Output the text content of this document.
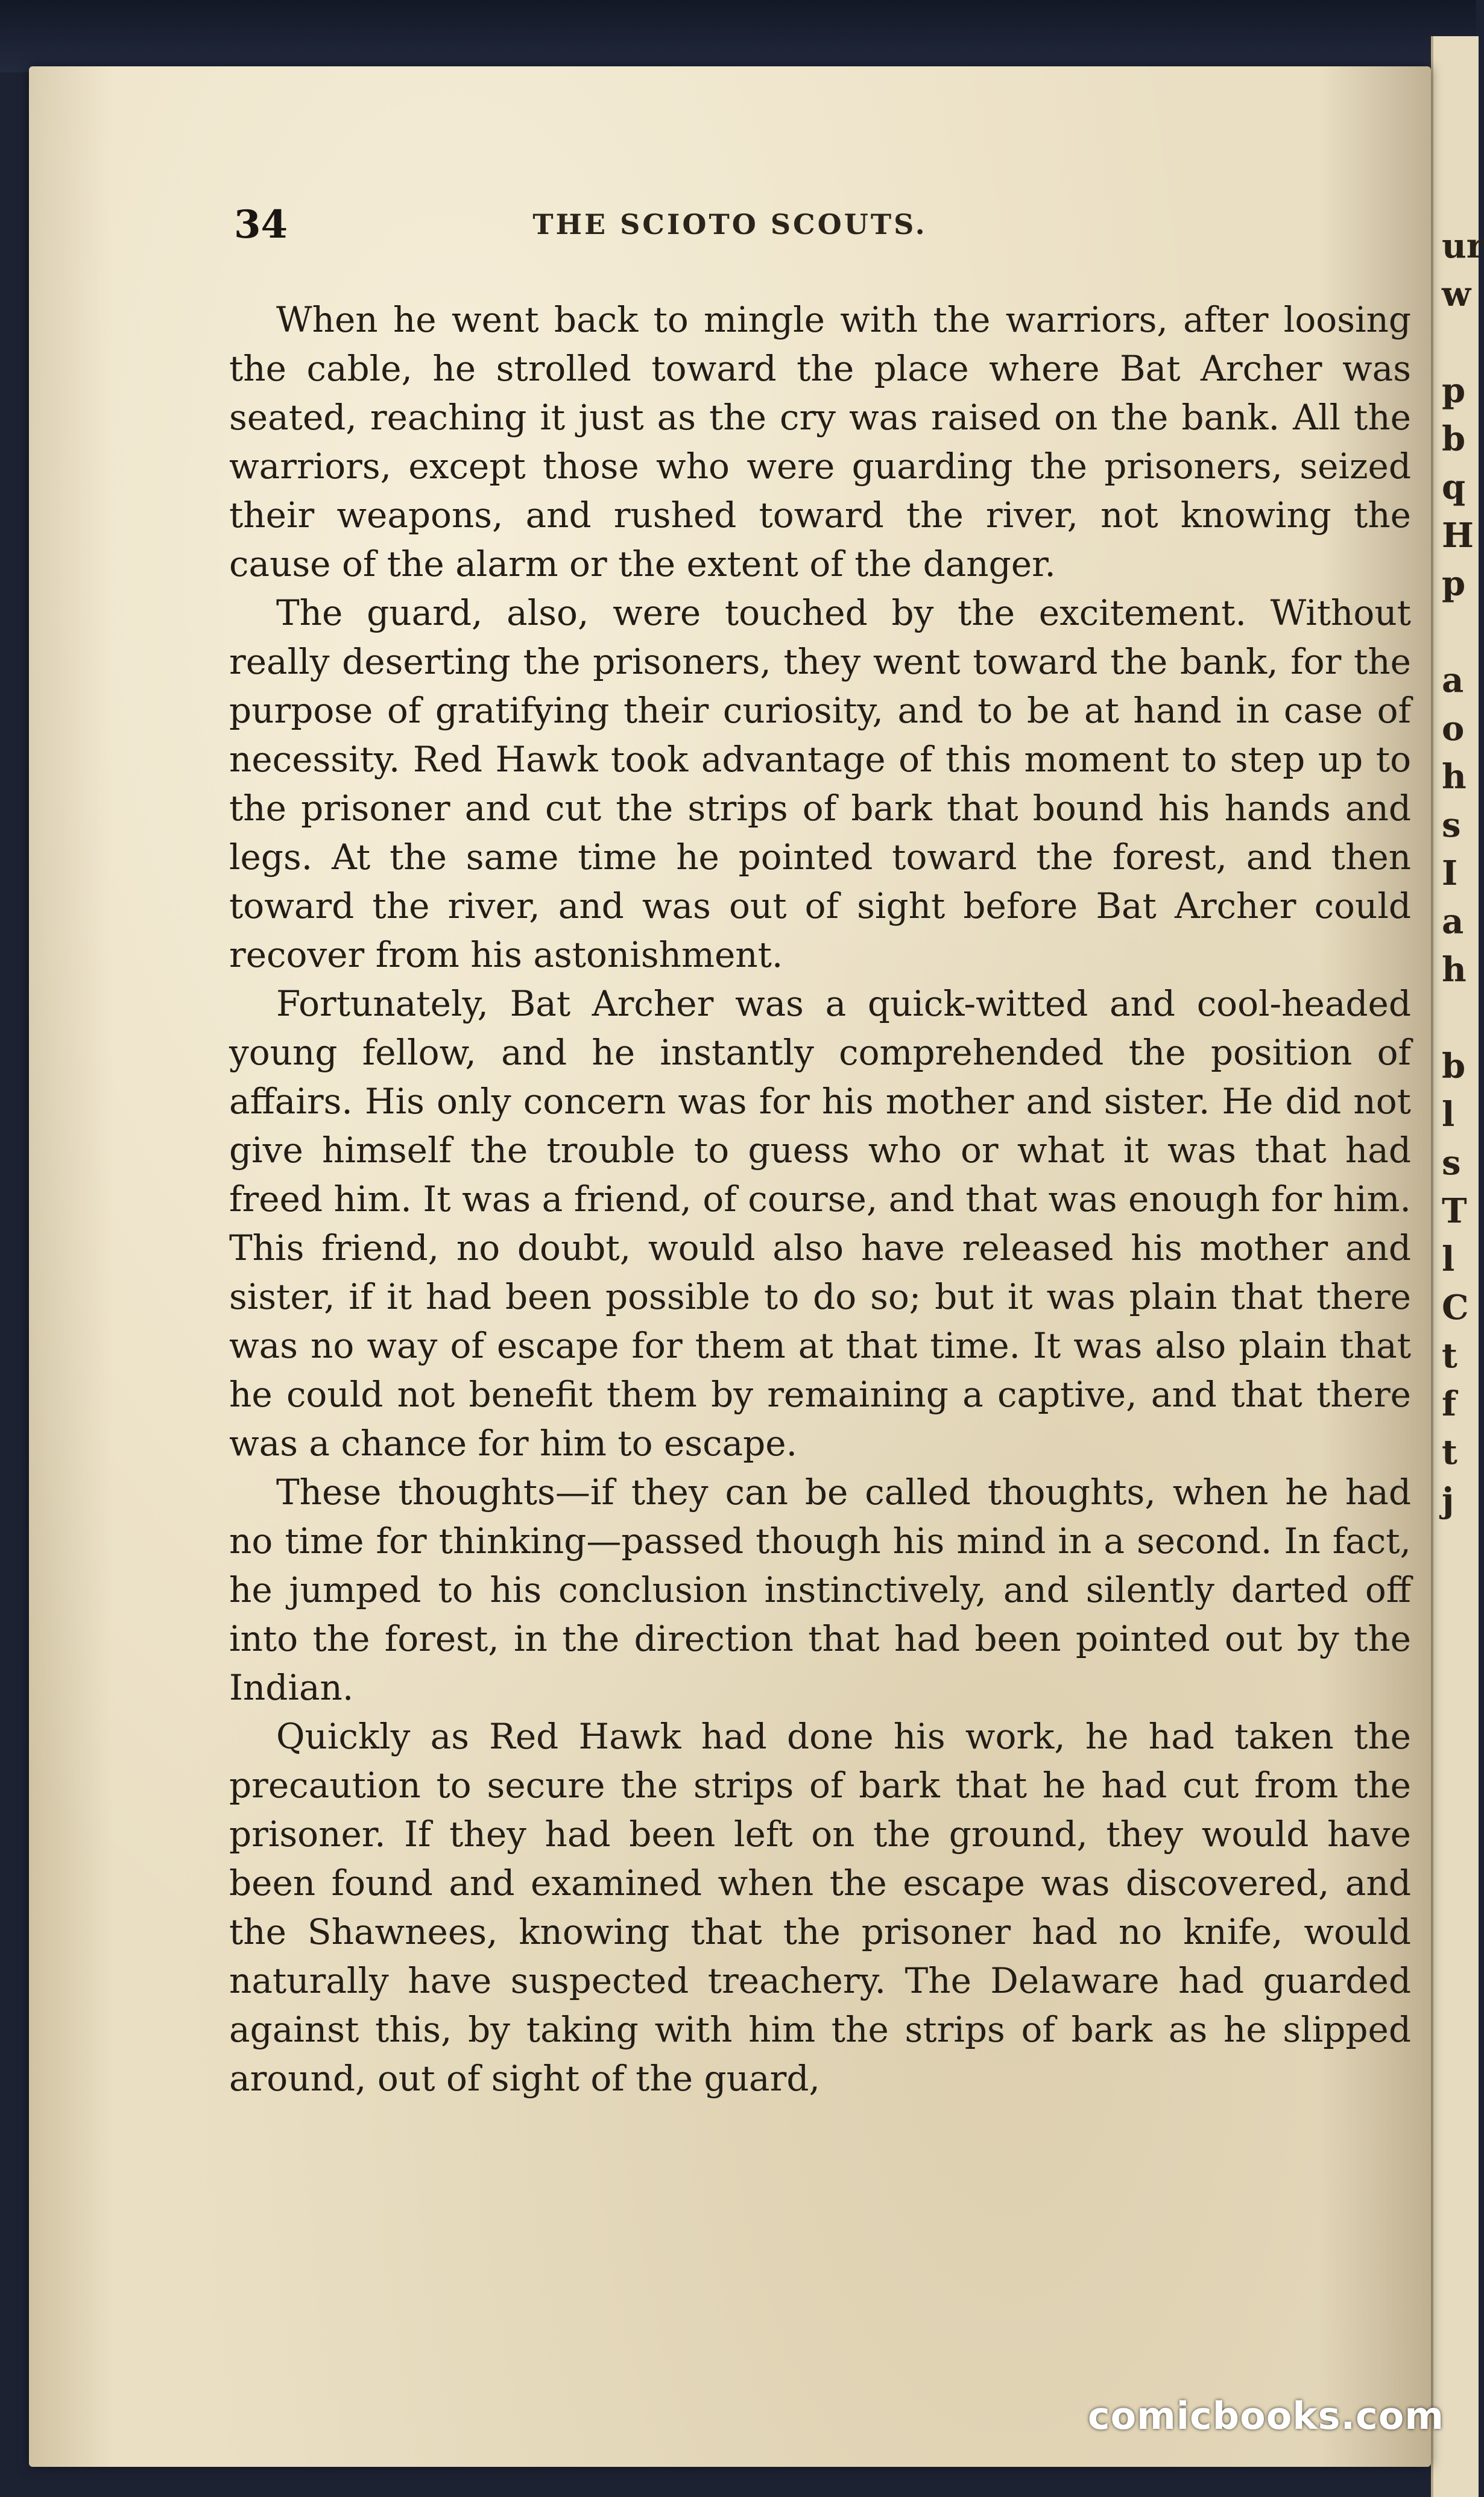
ur
w
p
b
q
H
p
a
o
h
s
I
a
h
b
l
s
T
l
C
t
f
t
j
34	THE SCIOTO SCOUTS.

When he went back to mingle with the warriors, after loosing the cable, he strolled toward the place where Bat Archer was seated, reaching it just as the cry was raised on the bank. All the warriors, except those who were guarding the prisoners, seized their weapons, and rushed toward the river, not knowing the cause of the alarm or the extent of the danger.

The guard, also, were touched by the excitement. Without really deserting the prisoners, they went toward the bank, for the purpose of gratifying their curiosity, and to be at hand in case of necessity. Red Hawk took advantage of this moment to step up to the prisoner and cut the strips of bark that bound his hands and legs. At the same time he pointed toward the forest, and then toward the river, and was out of sight before Bat Archer could recover from his astonishment.

Fortunately, Bat Archer was a quick-witted and cool-headed young fellow, and he instantly comprehended the position of affairs. His only concern was for his mother and sister. He did not give himself the trouble to guess who or what it was that had freed him. It was a friend, of course, and that was enough for him. This friend, no doubt, would also have released his mother and sister, if it had been possible to do so; but it was plain that there was no way of escape for them at that time. It was also plain that he could not benefit them by remaining a captive, and that there was a chance for him to escape.

These thoughts—if they can be called thoughts, when he had no time for thinking—passed though his mind in a second. In fact, he jumped to his conclusion instinctively, and silently darted off into the forest, in the direction that had been pointed out by the Indian.

Quickly as Red Hawk had done his work, he had taken the precaution to secure the strips of bark that he had cut from the prisoner. If they had been left on the ground, they would have been found and examined when the escape was discovered, and the Shawnees, knowing that the prisoner had no knife, would naturally have suspected treachery. The Delaware had guarded against this, by taking with him the strips of bark as he slipped around, out of sight of the guard,

comicbooks.com
